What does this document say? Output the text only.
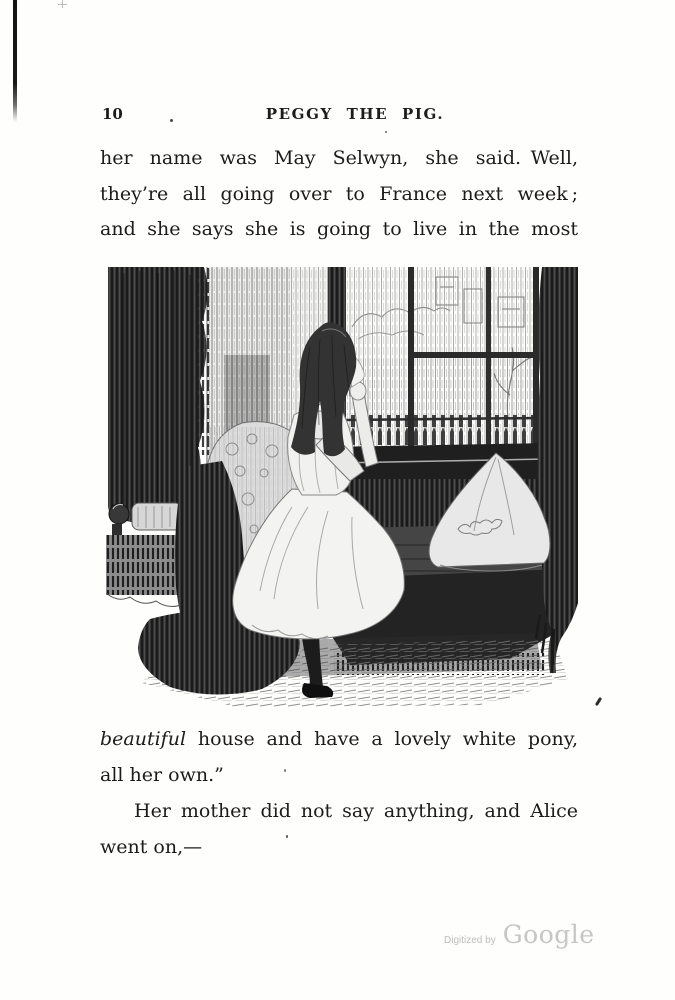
10	PEGGY THE PIG.
her name was May Selwyn, she said. Well,
they’re all going over to France next week ;
and she says she is going to live in the most
beautiful house and have a lovely white pony,
all her own.”
Her mother did not say anything, and Alice
went on,—
Digitized by Google
